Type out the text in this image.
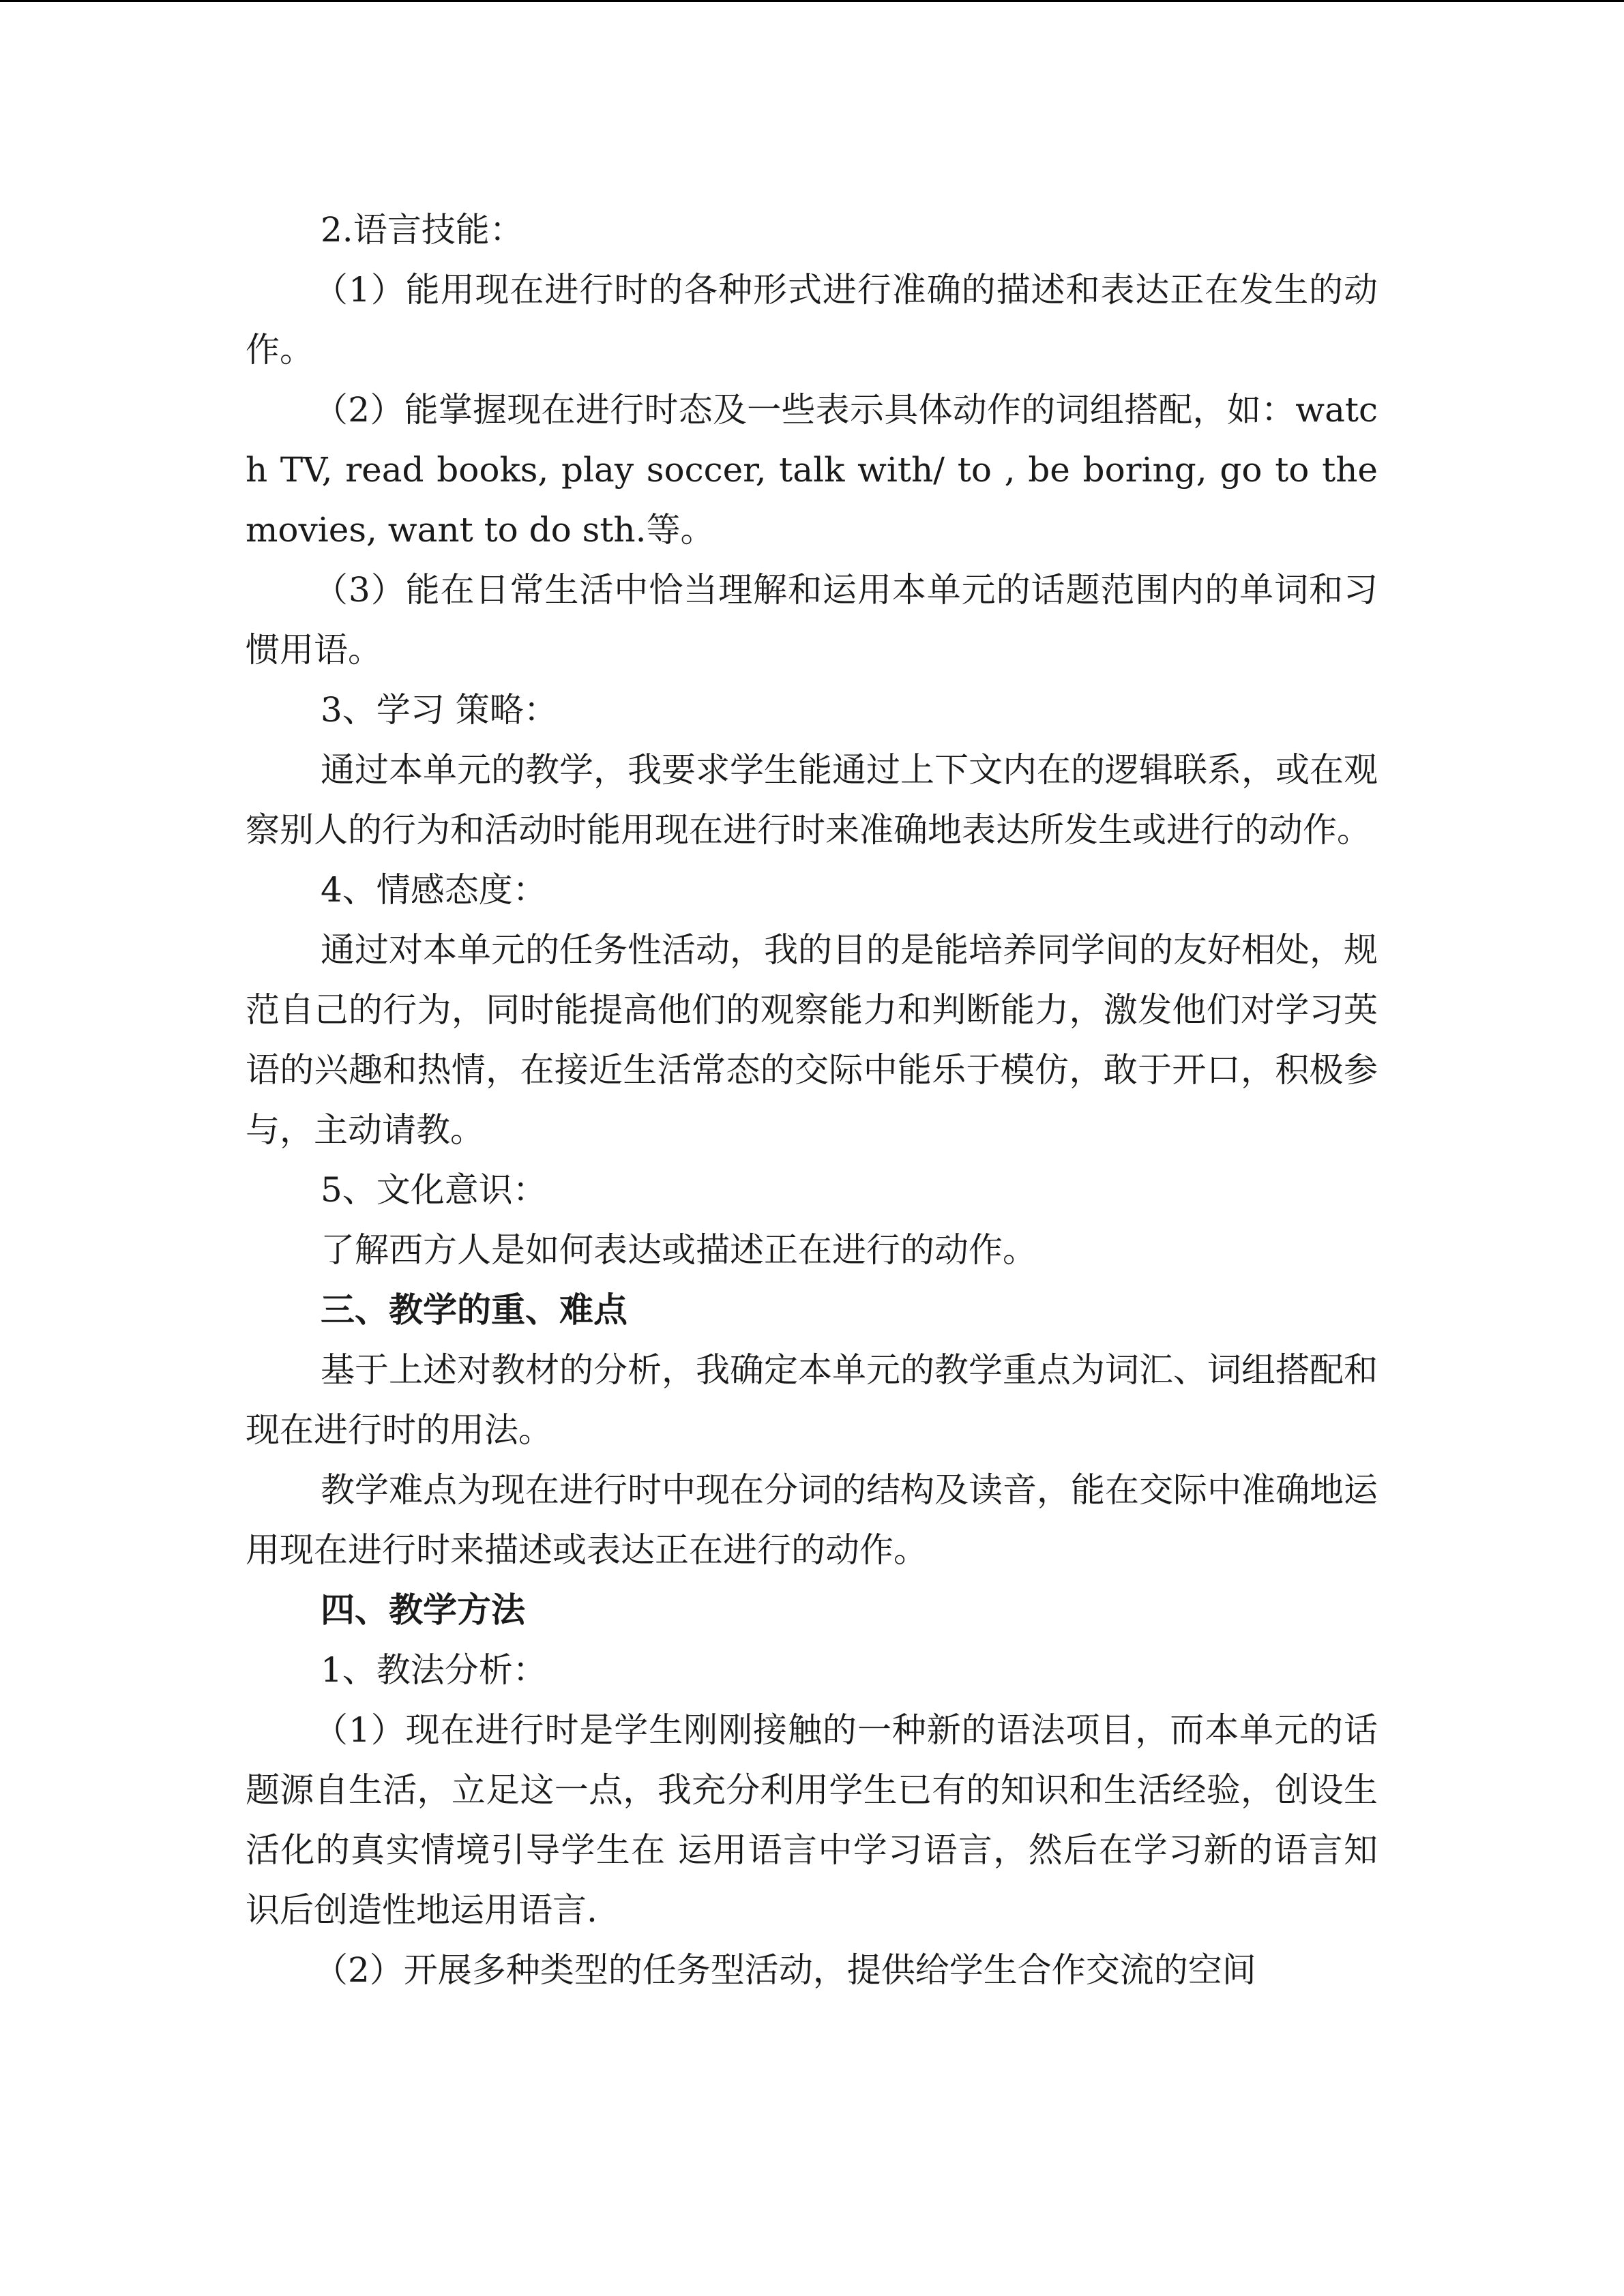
2.语言技能：

（1）能用现在进行时的各种形式进行准确的描述和表达正在发生的动作。

（2）能掌握现在进行时态及一些表示具体动作的词组搭配，如：watch TV, read books, play soccer, talk with/ to , be boring, go to the movies, want to do sth.等。

（3）能在日常生活中恰当理解和运用本单元的话题范围内的单词和习惯用语。

3、学习 策略：

通过本单元的教学，我要求学生能通过上下文内在的逻辑联系，或在观察别人的行为和活动时能用现在进行时来准确地表达所发生或进行的动作。

4、情感态度：

通过对本单元的任务性活动，我的目的是能培养同学间的友好相处，规范自己的行为，同时能提高他们的观察能力和判断能力，激发他们对学习英语的兴趣和热情，在接近生活常态的交际中能乐于模仿，敢于开口，积极参与，主动请教。

5、文化意识：

了解西方人是如何表达或描述正在进行的动作。

三、教学的重、难点

基于上述对教材的分析，我确定本单元的教学重点为词汇、词组搭配和现在进行时的用法。

教学难点为现在进行时中现在分词的结构及读音，能在交际中准确地运用现在进行时来描述或表达正在进行的动作。

四、教学方法

1、教法分析：

（1）现在进行时是学生刚刚接触的一种新的语法项目，而本单元的话题源自生活，立足这一点，我充分利用学生已有的知识和生活经验，创设生活化的真实情境引导学生在 运用语言中学习语言，然后在学习新的语言知识后创造性地运用语言.

（2）开展多种类型的任务型活动，提供给学生合作交流的空间
